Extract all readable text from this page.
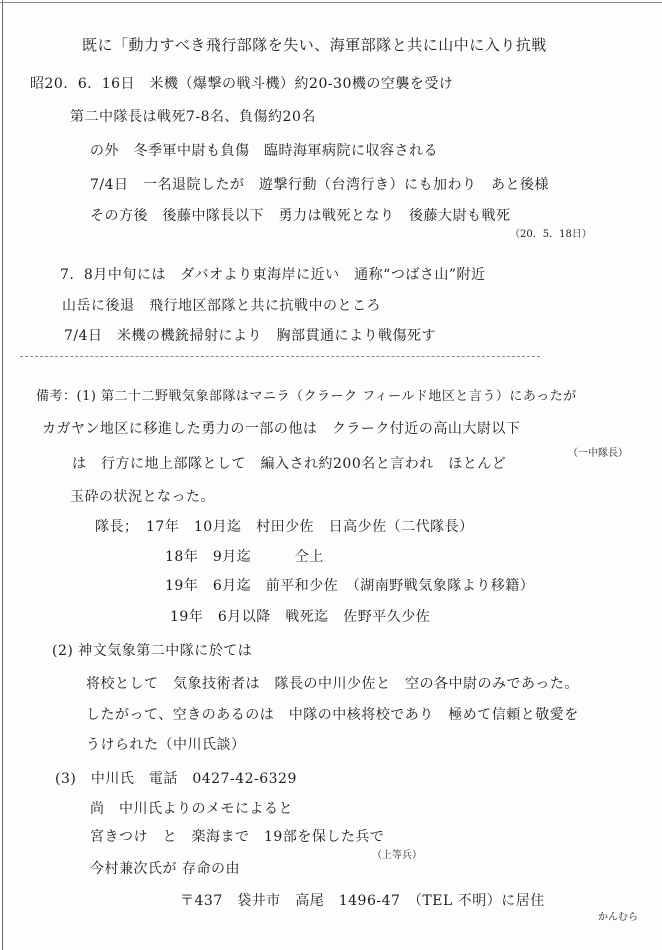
既に「動力すべき飛行部隊を失い、海軍部隊と共に山中に入り抗戦
昭20．6．16日　米機（爆撃の戦斗機）約20-30機の空襲を受け
第二中隊長は戦死7-8名、負傷約20名
の外　冬季軍中尉も負傷　臨時海軍病院に収容される
7/4日　一名退院したが　遊撃行動（台湾行き）にも加わり　あと後様
その方後　後藤中隊長以下　勇力は戦死となり　後藤大尉も戦死
（20．5．18日）
7．8月中旬には　ダバオより東海岸に近い　通称“つばさ山”附近
山岳に後退　飛行地区部隊と共に抗戦中のところ
7/4日　米機の機銃掃射により　胸部貫通により戦傷死す
備考：(1) 第二十二野戦気象部隊はマニラ（クラーク フィールド地区と言う）にあったが
カガヤン地区に移進した勇力の一部の他は　クラーク付近の高山大尉以下
（一中隊長）
は　行方に地上部隊として　編入され約200名と言われ　ほとんど
玉砕の状況となった。
隊長；　17年　10月迄　村田少佐　日高少佐（二代隊長）
18年　9月迄　　　仝上
19年　6月迄　前平和少佐　（湖南野戦気象隊より移籍）
19年　6月以降　戦死迄　佐野平久少佐
(2) 神文気象第二中隊に於ては
将校として　気象技術者は　隊長の中川少佐と　空の各中尉のみであった。
したがって、空きのあるのは　中隊の中核将校であり　極めて信頼と敬愛を
うけられた（中川氏談）
(3)　中川氏　電話　0427-42-6329
尚　中川氏よりのメモによると
宮きつけ　と　楽海まで　19部を保した兵で
（上等兵）
今村兼次氏が 存命の由
〒437　袋井市　高尾　1496-47　（TEL 不明）に居住
かんむら
